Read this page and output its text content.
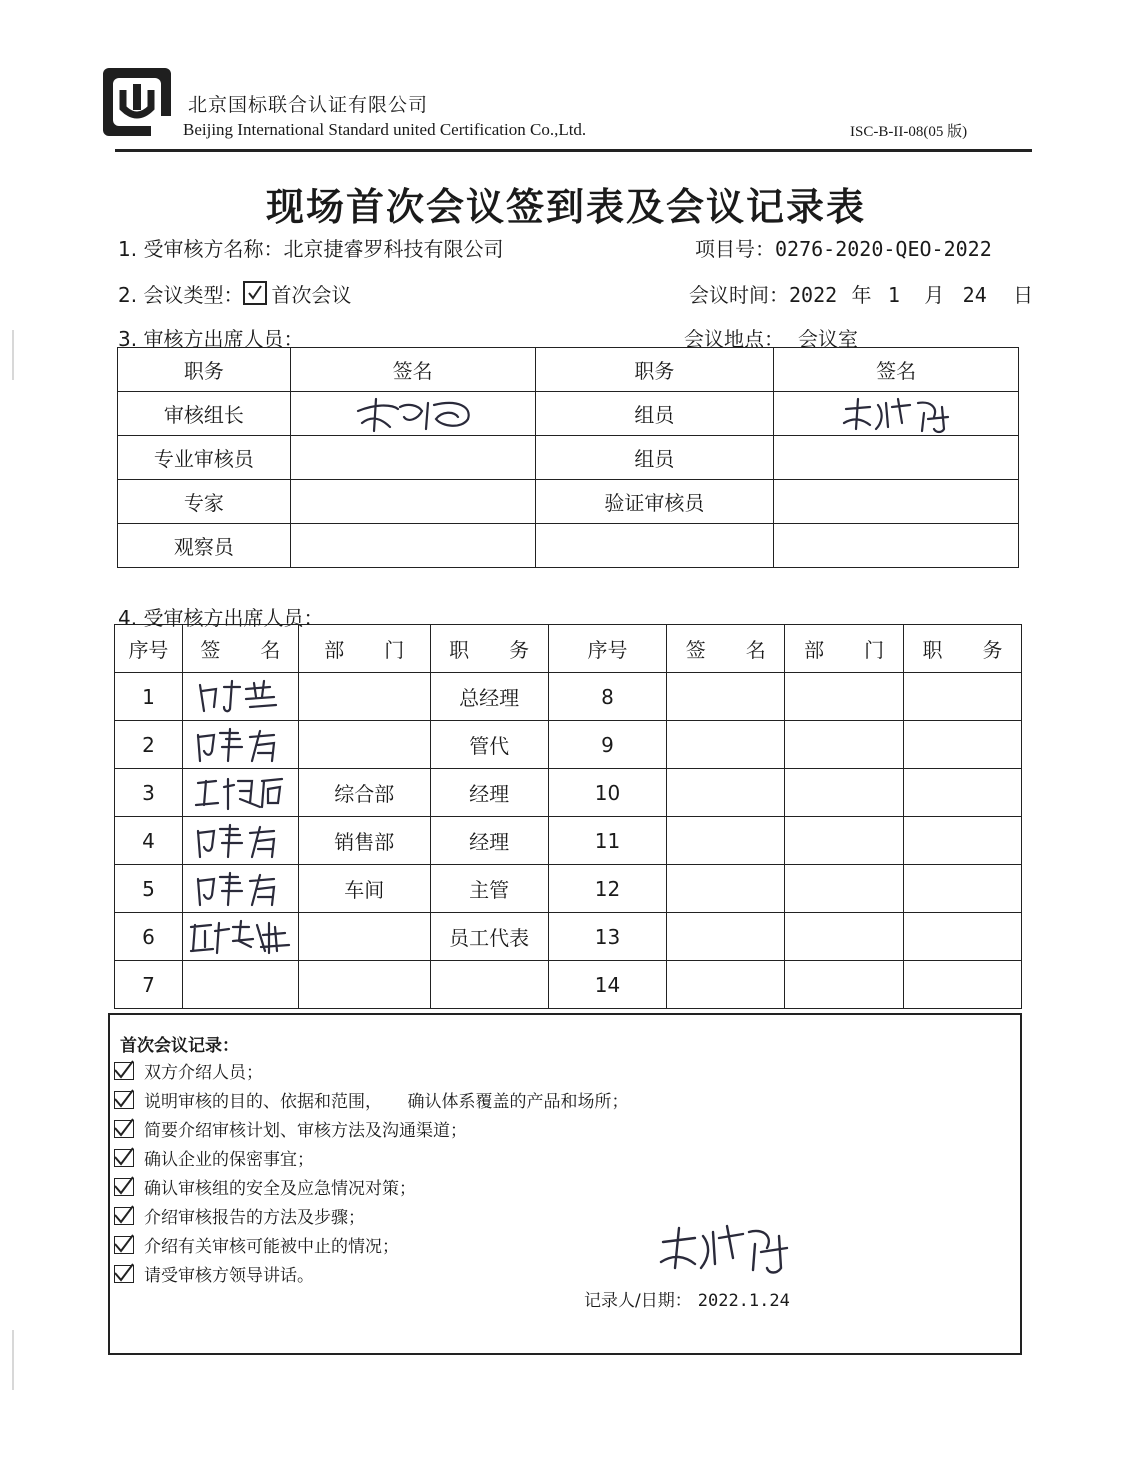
北京国标联合认证有限公司
Beijing International Standard united Certification Co.,Ltd.	ISC-B-II-08(05 版)
现场首次会议签到表及会议记录表
1. 受审核方名称：北京捷睿罗科技有限公司	项目号：0276-2020-QEO-2022
2. 会议类型： 首次会议	会议时间：2022 年 1 月 24 日
3. 审核方出席人员：	会议地点： 会议室
职务	签名	职务	签名
审核组长		组员	

专业审核员		组员	
专家		验证审核员	
观察员			
4. 受审核方出席人员：
序号	签　　名	部　　门	职　　务	序号	签　　名	部　　门	职　　务
1			总经理	8			
2			管代	9			
3		综合部	经理	10			
4		销售部	经理	11			
5		车间	主管	12			
6			员工代表	13			
7				14			
首次会议记录：
双方介绍人员；
说明审核的目的、依据和范围，　　确认体系覆盖的产品和场所；
简要介绍审核计划、审核方法及沟通渠道；
确认企业的保密事宜；
确认审核组的安全及应急情况对策；
介绍审核报告的方法及步骤；
介绍有关审核可能被中止的情况；
请受审核方领导讲话。
记录人/日期： 2022.1.24
